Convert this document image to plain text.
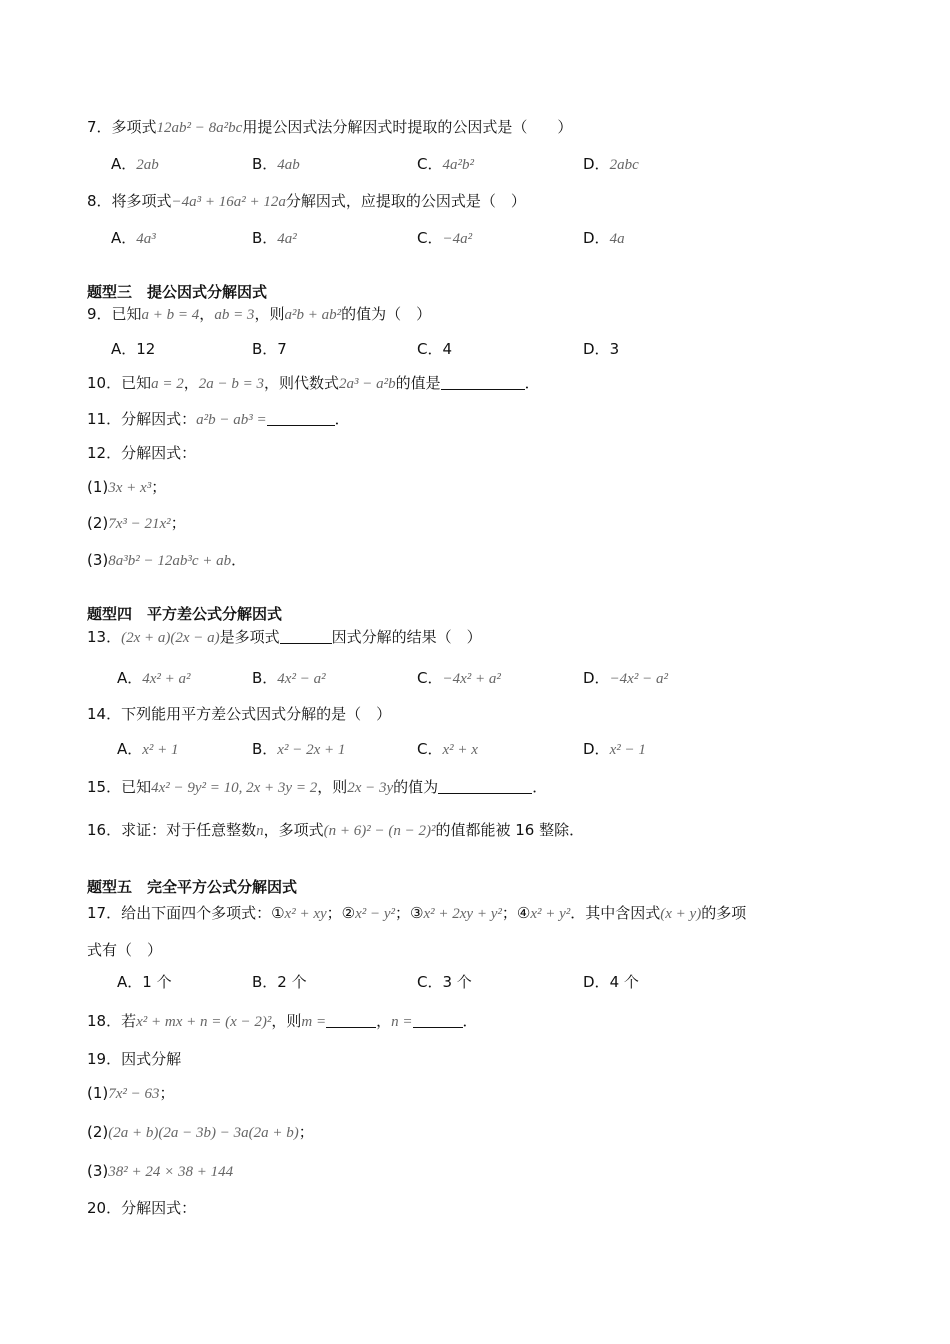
7．多项式12ab² − 8a²bc用提公因式法分解因式时提取的公因式是（　　）
A．2ab	B．4ab	C．4a²b²	D．2abc
8．将多项式−4a³ + 16a² + 12a分解因式，应提取的公因式是（　）
A．4a³	B．4a²	C．−4a²	D．4a
题型三　提公因式分解因式
9．已知a + b = 4，ab = 3，则a²b + ab²的值为（　）
A．12	B．7	C．4	D．3
10．已知a = 2，2a − b = 3，则代数式2a³ − a²b的值是	．
11．分解因式：a²b − ab³ =	．
12．分解因式：
(1)3x + x³；
(2)7x³ − 21x²；
(3)8a³b² − 12ab³c + ab．
题型四　平方差公式分解因式
13．(2x + a)(2x − a)是多项式	因式分解的结果（　）
A．4x² + a²	B．4x² − a²	C．−4x² + a²	D．−4x² − a²
14．下列能用平方差公式因式分解的是（　）
A．x² + 1	B．x² − 2x + 1	C．x² + x	D．x² − 1
15．已知4x² − 9y² = 10, 2x + 3y = 2，则2x − 3y的值为	．
16．求证：对于任意整数n，多项式(n + 6)² − (n − 2)²的值都能被 16 整除．
题型五　完全平方公式分解因式
17．给出下面四个多项式：①x² + xy；②x² − y²；③x² + 2xy + y²；④x² + y²．其中含因式(x + y)的多项
式有（　）
A．1 个	B．2 个	C．3 个	D．4 个
18．若x² + mx + n = (x − 2)²，则m =	，n =	．
19．因式分解
(1)7x² − 63；
(2)(2a + b)(2a − 3b) − 3a(2a + b)；
(3)38² + 24 × 38 + 144
20．分解因式：
